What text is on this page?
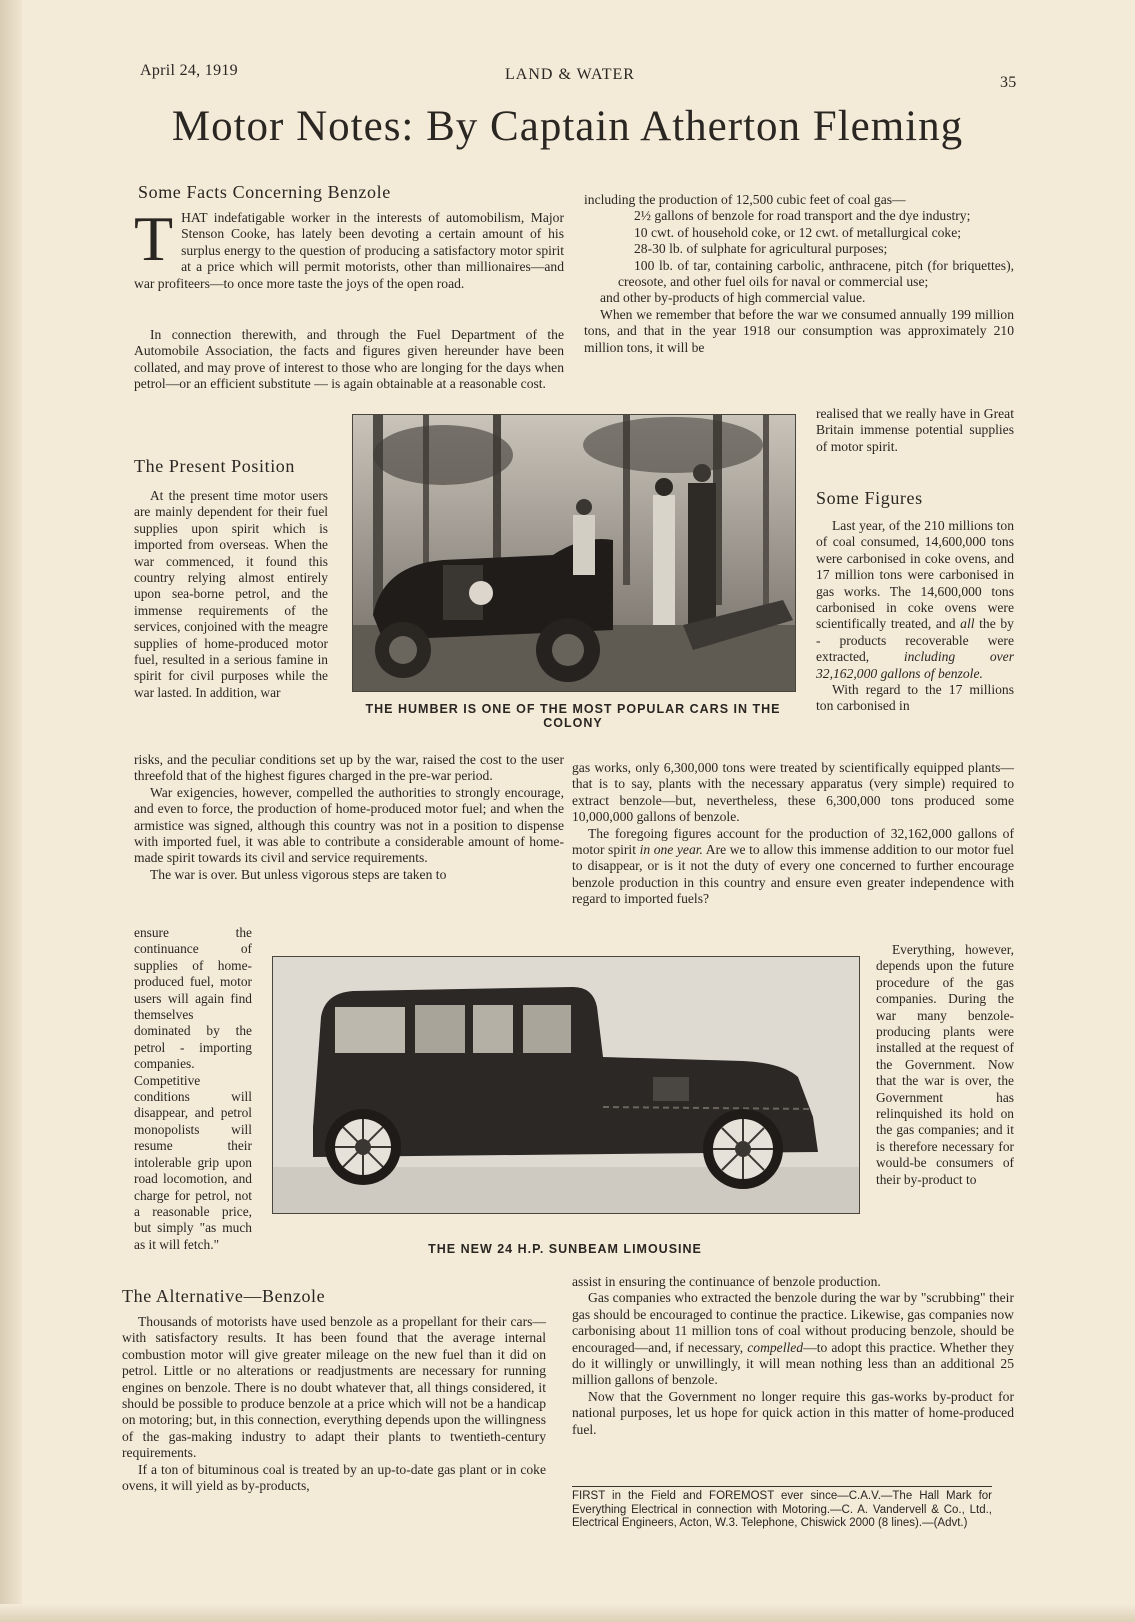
April 24, 1919	LAND & WATER	35
Motor Notes: By Captain Atherton Fleming
Some Facts Concerning Benzole

THAT indefatigable worker in the interests of automobilism, Major Stenson Cooke, has lately been devoting a certain amount of his surplus energy to the question of producing a satisfactory motor spirit at a price which will permit motorists, other than millionaires—and war profiteers—to once more taste the joys of the open road.

In connection therewith, and through the Fuel Department of the Automobile Association, the facts and figures given hereunder have been collated, and may prove of interest to those who are longing for the days when petrol—or an efficient substitute — is again obtainable at a reasonable cost.

The Present Position

At the present time motor users are mainly dependent for their fuel supplies upon spirit which is imported from overseas. When the war commenced, it found this country relying almost entirely upon sea-borne petrol, and the immense requirements of the services, conjoined with the meagre supplies of home-produced motor fuel, resulted in a serious famine in spirit for civil purposes while the war lasted. In addition, war

risks, and the peculiar conditions set up by the war, raised the cost to the user threefold that of the highest figures charged in the pre-war period.

War exigencies, however, compelled the authorities to strongly encourage, and even to force, the production of home-produced motor fuel; and when the armistice was signed, although this country was not in a position to dispense with imported fuel, it was able to contribute a considerable amount of home-made spirit towards its civil and service requirements.

The war is over. But unless vigorous steps are taken to

ensure the continuance of supplies of home-produced fuel, motor users will again find themselves dominated by the petrol - importing companies. Competitive conditions will disappear, and petrol monopolists will resume their intolerable grip upon road locomotion, and charge for petrol, not a reasonable price, but simply "as much as it will fetch."

THE HUMBER IS ONE OF THE MOST POPULAR CARS IN THE COLONY

including the production of 12,500 cubic feet of coal gas—

2½ gallons of benzole for road transport and the dye industry;

10 cwt. of household coke, or 12 cwt. of metallurgical coke;

28-30 lb. of sulphate for agricultural purposes;

100 lb. of tar, containing carbolic, anthracene, pitch (for briquettes), creosote, and other fuel oils for naval or commercial use;

and other by-products of high commercial value.

When we remember that before the war we consumed annually 199 million tons, and that in the year 1918 our consumption was approximately 210 million tons, it will be

realised that we really have in Great Britain immense potential supplies of motor spirit.

Some Figures

Last year, of the 210 millions ton of coal consumed, 14,600,000 tons were carbonised in coke ovens, and 17 million tons were carbonised in gas works. The 14,600,000 tons carbonised in coke ovens were scientifically treated, and all the by - products recoverable were extracted,	including over 32,162,000 gallons of benzole.

With regard to the 17 millions ton carbonised in

gas works, only 6,300,000 tons were treated by scientifically equipped plants—that is to say, plants with the necessary apparatus (very simple) required to extract benzole—but, nevertheless, these 6,300,000 tons produced some 10,000,000 gallons of benzole.

The foregoing figures account for the production of 32,162,000 gallons of motor spirit in one year. Are we to allow this immense addition to our motor fuel to disappear, or is it not the duty of every one concerned to further encourage benzole production in this country and ensure even greater independence with regard to imported fuels?

Everything, however, depends upon the future procedure of the gas companies. During the war many benzole-producing plants were installed at the request of the Government. Now that the war is over, the Government has relinquished its hold on the gas companies; and it is therefore necessary for would-be consumers of their by-product to

assist in ensuring the continuance of benzole production.

Gas companies who extracted the benzole during the war by "scrubbing" their gas should be encouraged to continue the practice. Likewise, gas companies now carbonising about 11 million tons of coal without producing benzole, should be encouraged—and, if necessary, compelled—to adopt this practice. Whether they do it willingly or unwillingly, it will mean nothing less than an additional 25 million gallons of benzole.

Now that the Government no longer require this gas-works by-product for national purposes, let us hope for quick action in this matter of home-produced fuel.

THE NEW 24 H.P. SUNBEAM LIMOUSINE
The Alternative—Benzole

Thousands of motorists have used benzole as a propellant for their cars—with satisfactory results. It has been found that the average internal combustion motor will give greater mileage on the new fuel than it did on petrol. Little or no alterations or readjustments are necessary for running engines on benzole. There is no doubt whatever that, all things considered, it should be possible to produce benzole at a price which will not be a handicap on motoring; but, in this connection, everything depends upon the willingness of the gas-making industry to adapt their plants to twentieth-century requirements.

If a ton of bituminous coal is treated by an up-to-date gas plant or in coke ovens, it will yield as by-products,

FIRST in the Field and FOREMOST ever since—C.A.V.—The Hall Mark for Everything Electrical in connection with Motoring.—C. A. Vandervell & Co., Ltd., Electrical Engineers, Acton, W.3. Telephone, Chiswick 2000 (8 lines).—(Advt.)
